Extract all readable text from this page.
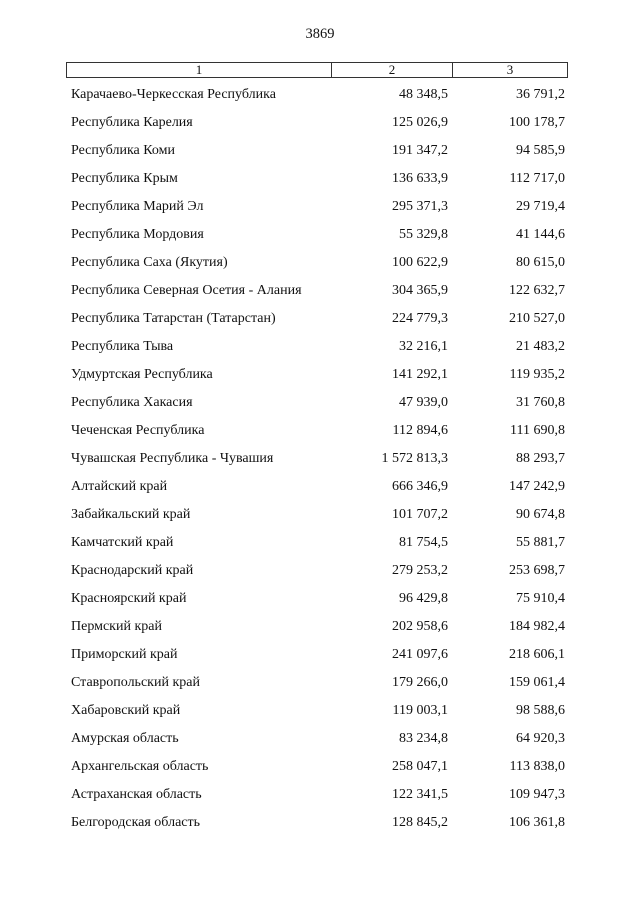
3869
1	2	3
Карачаево-Черкесская Республика	48 348,5	36 791,2
Республика Карелия	125 026,9	100 178,7
Республика Коми	191 347,2	94 585,9
Республика Крым	136 633,9	112 717,0
Республика Марий Эл	295 371,3	29 719,4
Республика Мордовия	55 329,8	41 144,6
Республика Саха (Якутия)	100 622,9	80 615,0
Республика Северная Осетия - Алания	304 365,9	122 632,7
Республика Татарстан (Татарстан)	224 779,3	210 527,0
Республика Тыва	32 216,1	21 483,2
Удмуртская Республика	141 292,1	119 935,2
Республика Хакасия	47 939,0	31 760,8
Чеченская Республика	112 894,6	111 690,8
Чувашская Республика - Чувашия	1 572 813,3	88 293,7
Алтайский край	666 346,9	147 242,9
Забайкальский край	101 707,2	90 674,8
Камчатский край	81 754,5	55 881,7
Краснодарский край	279 253,2	253 698,7
Красноярский край	96 429,8	75 910,4
Пермский край	202 958,6	184 982,4
Приморский край	241 097,6	218 606,1
Ставропольский край	179 266,0	159 061,4
Хабаровский край	119 003,1	98 588,6
Амурская область	83 234,8	64 920,3
Архангельская область	258 047,1	113 838,0
Астраханская область	122 341,5	109 947,3
Белгородская область	128 845,2	106 361,8
